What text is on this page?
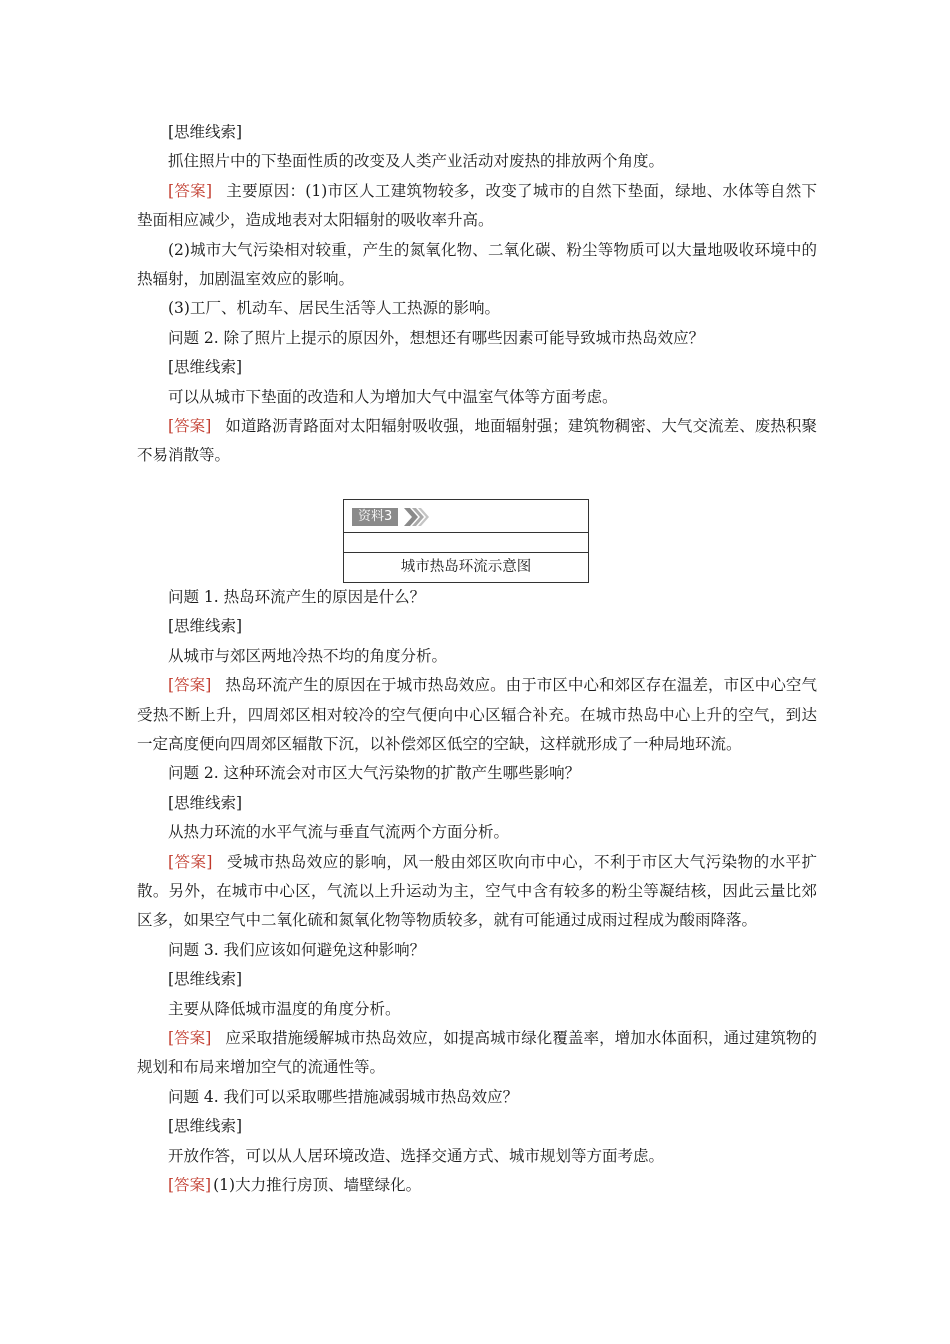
[思维线索]

抓住照片中的下垫面性质的改变及人类产业活动对废热的排放两个角度。

[答案] 主要原因：(1)市区人工建筑物较多，改变了城市的自然下垫面，绿地、水体等自然下垫面相应减少，造成地表对太阳辐射的吸收率升高。

(2)城市大气污染相对较重，产生的氮氧化物、二氧化碳、粉尘等物质可以大量地吸收环境中的热辐射，加剧温室效应的影响。

(3)工厂、机动车、居民生活等人工热源的影响。

问题 2. 除了照片上提示的原因外，想想还有哪些因素可能导致城市热岛效应？

[思维线索]

可以从城市下垫面的改造和人为增加大气中温室气体等方面考虑。

[答案] 如道路沥青路面对太阳辐射吸收强，地面辐射强；建筑物稠密、大气交流差、废热积聚不易消散等。

资料3
城市热岛环流示意图

问题 1. 热岛环流产生的原因是什么？

[思维线索]

从城市与郊区两地冷热不均的角度分析。

[答案] 热岛环流产生的原因在于城市热岛效应。由于市区中心和郊区存在温差，市区中心空气受热不断上升，四周郊区相对较冷的空气便向中心区辐合补充。在城市热岛中心上升的空气，到达一定高度便向四周郊区辐散下沉，以补偿郊区低空的空缺，这样就形成了一种局地环流。

问题 2. 这种环流会对市区大气污染物的扩散产生哪些影响？

[思维线索]

从热力环流的水平气流与垂直气流两个方面分析。

[答案] 受城市热岛效应的影响，风一般由郊区吹向市中心，不利于市区大气污染物的水平扩散。另外，在城市中心区，气流以上升运动为主，空气中含有较多的粉尘等凝结核，因此云量比郊区多，如果空气中二氧化硫和氮氧化物等物质较多，就有可能通过成雨过程成为酸雨降落。

问题 3. 我们应该如何避免这种影响？

[思维线索]

主要从降低城市温度的角度分析。

[答案] 应采取措施缓解城市热岛效应，如提高城市绿化覆盖率，增加水体面积，通过建筑物的规划和布局来增加空气的流通性等。

问题 4. 我们可以采取哪些措施减弱城市热岛效应？

[思维线索]

开放作答，可以从人居环境改造、选择交通方式、城市规划等方面考虑。

[答案] (1)大力推行房顶、墙壁绿化。
